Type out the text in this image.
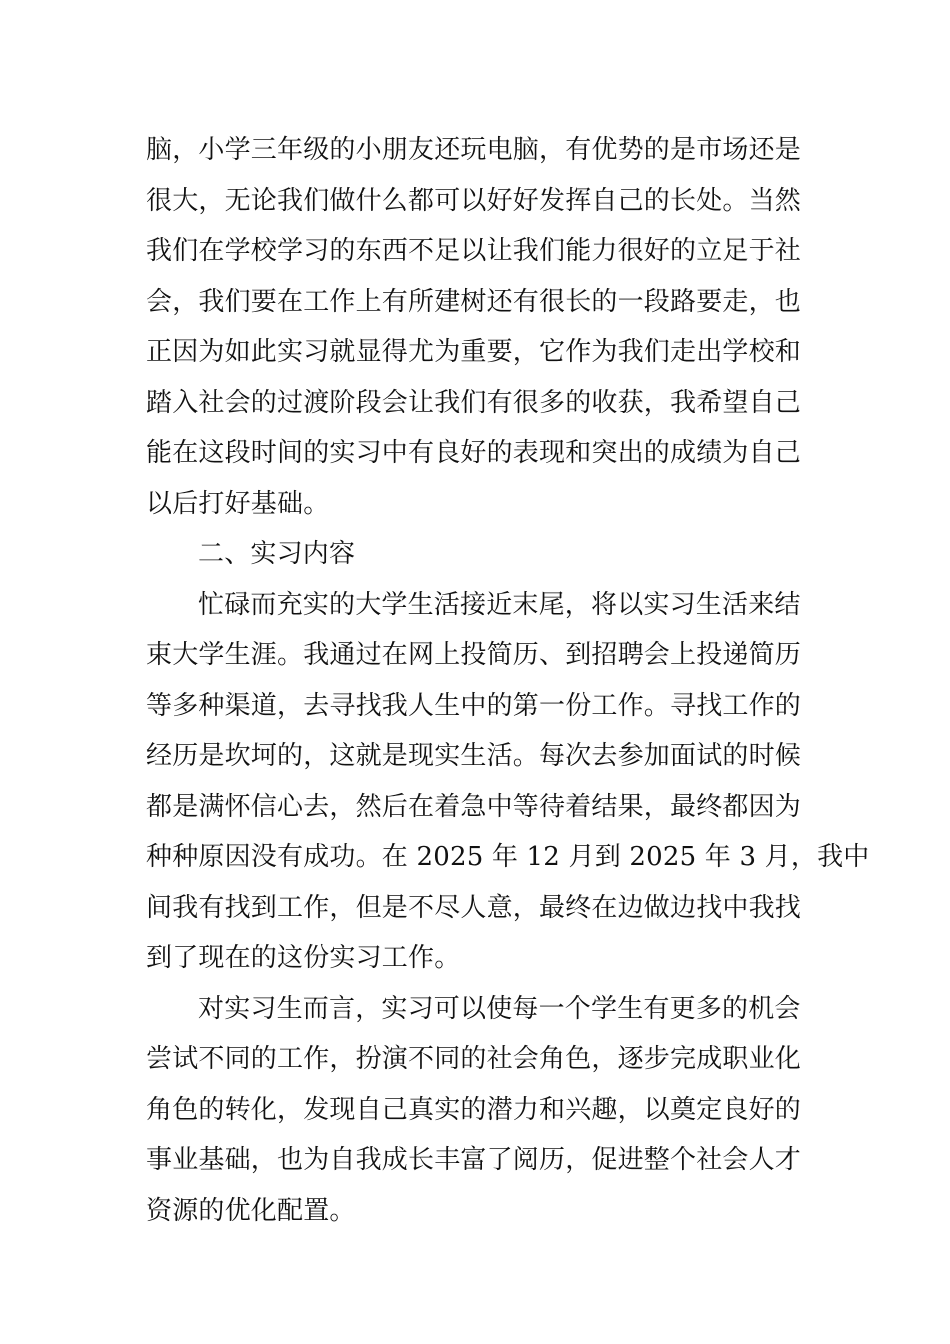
脑，小学三年级的小朋友还玩电脑，有优势的是市场还是
很大，无论我们做什么都可以好好发挥自己的长处。当然
我们在学校学习的东西不足以让我们能力很好的立足于社
会，我们要在工作上有所建树还有很长的一段路要走，也
正因为如此实习就显得尤为重要，它作为我们走出学校和
踏入社会的过渡阶段会让我们有很多的收获，我希望自己
能在这段时间的实习中有良好的表现和突出的成绩为自己
以后打好基础。
二、实习内容
忙碌而充实的大学生活接近末尾，将以实习生活来结
束大学生涯。我通过在网上投简历、到招聘会上投递简历
等多种渠道，去寻找我人生中的第一份工作。寻找工作的
经历是坎坷的，这就是现实生活。每次去参加面试的时候
都是满怀信心去，然后在着急中等待着结果，最终都因为
种种原因没有成功。在 2025 年 12 月到 2025 年 3 月，我中
间我有找到工作，但是不尽人意，最终在边做边找中我找
到了现在的这份实习工作。
对实习生而言，实习可以使每一个学生有更多的机会
尝试不同的工作，扮演不同的社会角色，逐步完成职业化
角色的转化，发现自己真实的潜力和兴趣，以奠定良好的
事业基础，也为自我成长丰富了阅历，促进整个社会人才
资源的优化配置。
